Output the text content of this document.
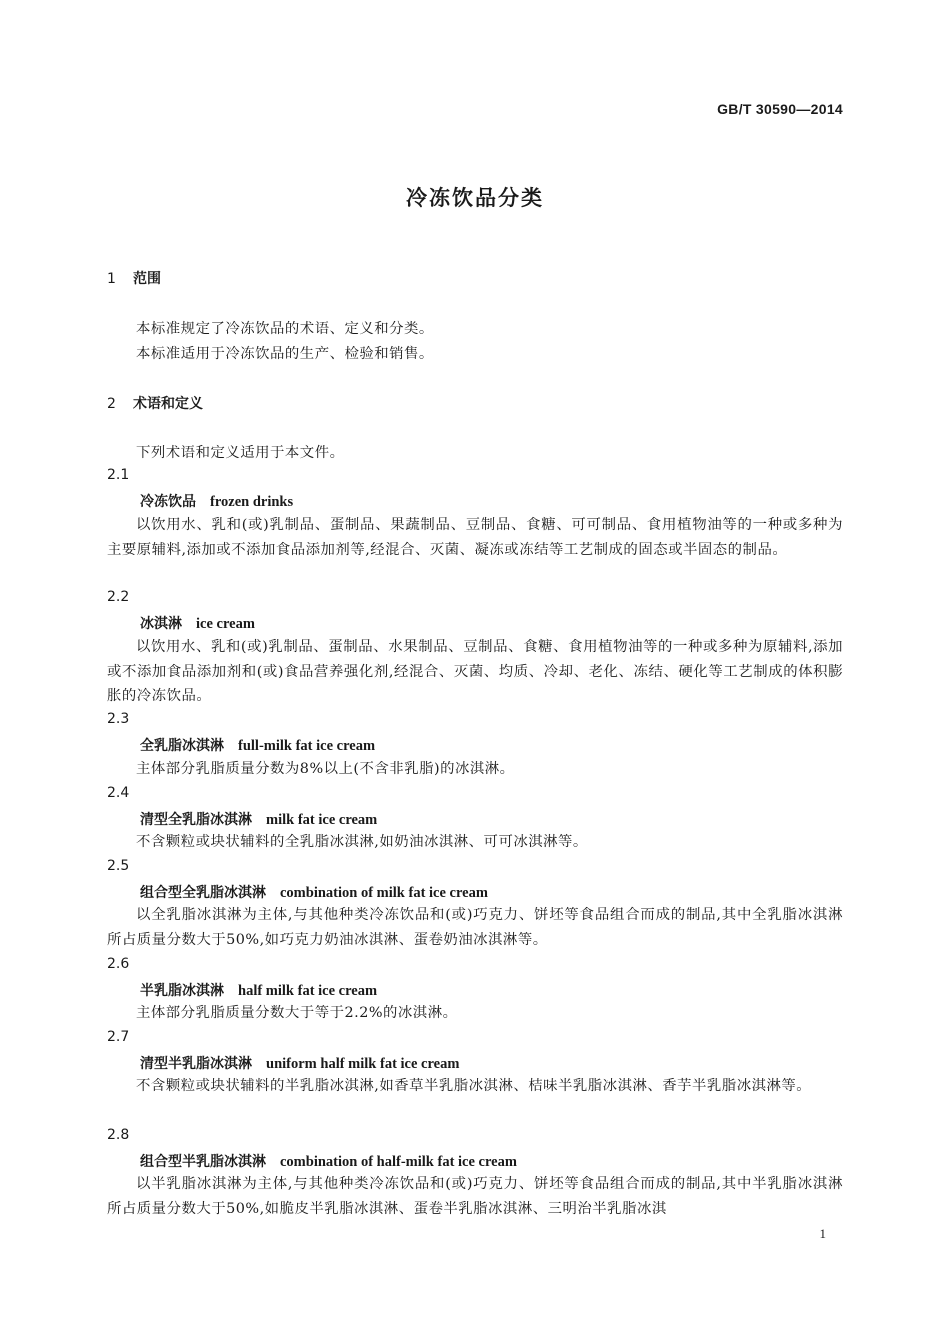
GB/T 30590—2014
冷冻饮品分类
1 范围
本标准规定了冷冻饮品的术语、定义和分类。
本标准适用于冷冻饮品的生产、检验和销售。
2 术语和定义
下列术语和定义适用于本文件。
2.1
冷冻饮品 frozen drinks
以饮用水、乳和(或)乳制品、蛋制品、果蔬制品、豆制品、食糖、可可制品、食用植物油等的一种或多种为主要原辅料,添加或不添加食品添加剂等,经混合、灭菌、凝冻或冻结等工艺制成的固态或半固态的制品。
2.2
冰淇淋 ice cream
以饮用水、乳和(或)乳制品、蛋制品、水果制品、豆制品、食糖、食用植物油等的一种或多种为原辅料,添加或不添加食品添加剂和(或)食品营养强化剂,经混合、灭菌、均质、冷却、老化、冻结、硬化等工艺制成的体积膨胀的冷冻饮品。
2.3
全乳脂冰淇淋 full-milk fat ice cream
主体部分乳脂质量分数为8%以上(不含非乳脂)的冰淇淋。
2.4
清型全乳脂冰淇淋 milk fat ice cream
不含颗粒或块状辅料的全乳脂冰淇淋,如奶油冰淇淋、可可冰淇淋等。
2.5
组合型全乳脂冰淇淋 combination of milk fat ice cream
以全乳脂冰淇淋为主体,与其他种类冷冻饮品和(或)巧克力、饼坯等食品组合而成的制品,其中全乳脂冰淇淋所占质量分数大于50%,如巧克力奶油冰淇淋、蛋卷奶油冰淇淋等。
2.6
半乳脂冰淇淋 half milk fat ice cream
主体部分乳脂质量分数大于等于2.2%的冰淇淋。
2.7
清型半乳脂冰淇淋 uniform half milk fat ice cream
不含颗粒或块状辅料的半乳脂冰淇淋,如香草半乳脂冰淇淋、桔味半乳脂冰淇淋、香芋半乳脂冰淇淋等。
2.8
组合型半乳脂冰淇淋 combination of half-milk fat ice cream
以半乳脂冰淇淋为主体,与其他种类冷冻饮品和(或)巧克力、饼坯等食品组合而成的制品,其中半乳脂冰淇淋所占质量分数大于50%,如脆皮半乳脂冰淇淋、蛋卷半乳脂冰淇淋、三明治半乳脂冰淇
1
